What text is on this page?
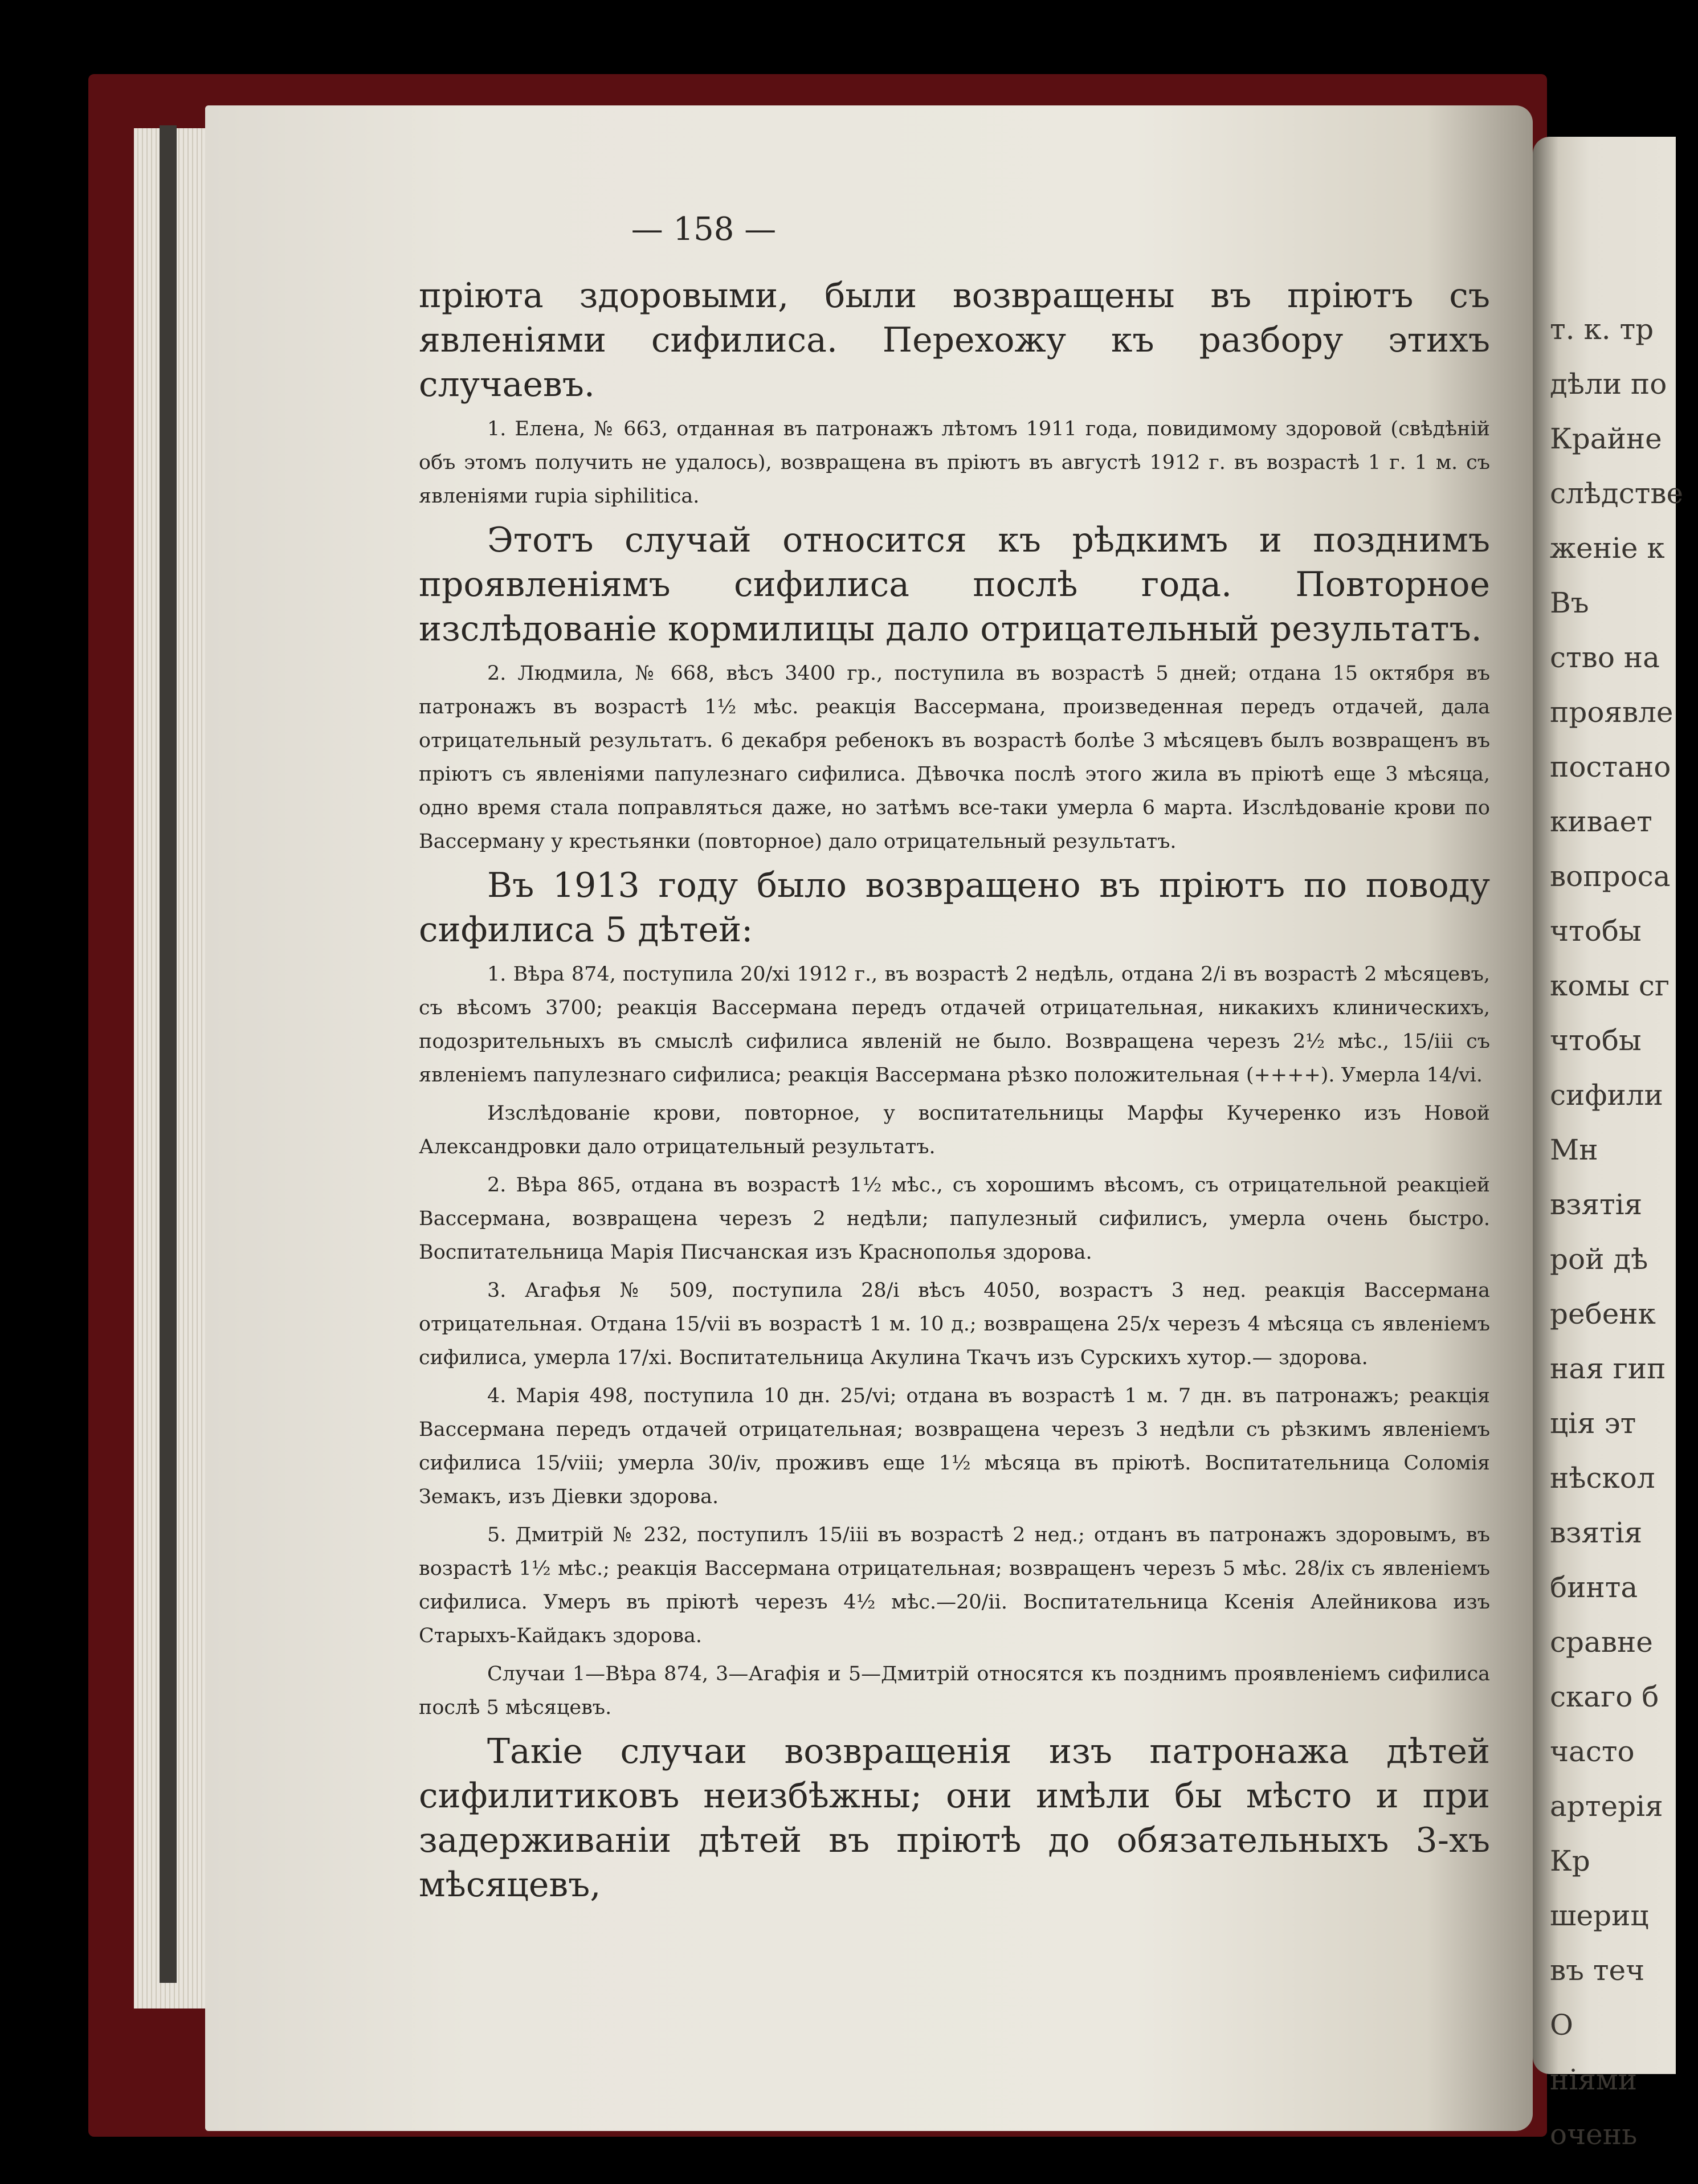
т. к. тр
дѣли по
Крайне
слѣдстве
женіе к
Въ
ство на
проявле
постано
кивает
вопроса
чтобы
комы сг
чтобы
сифили
Мн
взятія
рой дѣ
ребенк
ная гип
ція эт
нѣскол
взятія
бинта
сравне
скаго б
часто
артерія
Кр
шериц
въ теч
О
ніями
очень
— 158 —

пріюта здоровыми, были возвращены въ пріютъ съ явленіями сифилиса. Перехожу къ разбору этихъ случаевъ.

1. Елена, № 663, отданная въ патронажъ лѣтомъ 1911 года, повидимому здоровой (свѣдѣній объ этомъ получить не удалось), возвращена въ пріютъ въ августѣ 1912 г. въ возрастѣ 1 г. 1 м. съ явленіями rupia siphilitica.

Этотъ случай относится къ рѣдкимъ и позднимъ проявленіямъ сифилиса послѣ года. Повторное изслѣдованіе кормилицы дало отрицательный результатъ.

2. Людмила, № 668, вѣсъ 3400 гр., поступила въ возрастѣ 5 дней; отдана 15 октября въ патронажъ въ возрастѣ 1½ мѣс. реакція Вассермана, произведенная передъ отдачей, дала отрицательный результатъ. 6 декабря ребенокъ въ возрастѣ болѣе 3 мѣсяцевъ былъ возвращенъ въ пріютъ съ явленіями папулезнаго сифилиса. Дѣвочка послѣ этого жила въ пріютѣ еще 3 мѣсяца, одно время стала поправляться даже, но затѣмъ все-таки умерла 6 марта. Изслѣдованіе крови по Вассерману у крестьянки (повторное) дало отрицательный результатъ.

Въ 1913 году было возвращено въ пріютъ по поводу сифилиса 5 дѣтей:

1. Вѣра 874, поступила 20/xi 1912 г., въ возрастѣ 2 недѣль, отдана 2/i въ возрастѣ 2 мѣсяцевъ, съ вѣсомъ 3700; реакція Вассермана передъ отдачей отрицательная, никакихъ клиническихъ, подозрительныхъ въ смыслѣ сифилиса явленій не было. Возвращена черезъ 2½ мѣс., 15/iii съ явленіемъ папулезнаго сифилиса; реакція Вассермана рѣзко положительная (++++). Умерла 14/vi.

Изслѣдованіе крови, повторное, у воспитательницы Марфы Кучеренко изъ Новой Александровки дало отрицательный результатъ.

2. Вѣра 865, отдана въ возрастѣ 1½ мѣс., съ хорошимъ вѣсомъ, съ отрицательной реакціей Вассермана, возвращена черезъ 2 недѣли; папулезный сифилисъ, умерла очень быстро. Воспитательница Марія Писчанская изъ Краснополья здорова.

3. Агафья № 509, поступила 28/i вѣсъ 4050, возрастъ 3 нед. реакція Вассермана отрицательная. Отдана 15/vii въ возрастѣ 1 м. 10 д.; возвращена 25/x черезъ 4 мѣсяца съ явленіемъ сифилиса, умерла 17/xi. Воспитательница Акулина Ткачъ изъ Сурскихъ хутор.— здорова.

4. Марія 498, поступила 10 дн. 25/vi; отдана въ возрастѣ 1 м. 7 дн. въ патронажъ; реакція Вассермана передъ отдачей отрицательная; возвращена черезъ 3 недѣли съ рѣзкимъ явленіемъ сифилиса 15/viii; умерла 30/iv, проживъ еще 1½ мѣсяца въ пріютѣ. Воспитательница Соломія Земакъ, изъ Діевки здорова.

5. Дмитрій № 232, поступилъ 15/iii въ возрастѣ 2 нед.; отданъ въ патронажъ здоровымъ, въ возрастѣ 1½ мѣс.; реакція Вассермана отрицательная; возвращенъ черезъ 5 мѣс. 28/ix съ явленіемъ сифилиса. Умеръ въ пріютѣ черезъ 4½ мѣс.—20/ii. Воспитательница Ксенія Алейникова изъ Старыхъ-Кайдакъ здорова.

Случаи 1—Вѣра 874, 3—Агафія и 5—Дмитрій относятся къ позднимъ проявленіемъ сифилиса послѣ 5 мѣсяцевъ.

Такіе случаи возвращенія изъ патронажа дѣтей сифилитиковъ неизбѣжны; они имѣли бы мѣсто и при задерживаніи дѣтей въ пріютѣ до обязательныхъ 3-хъ мѣсяцевъ,
